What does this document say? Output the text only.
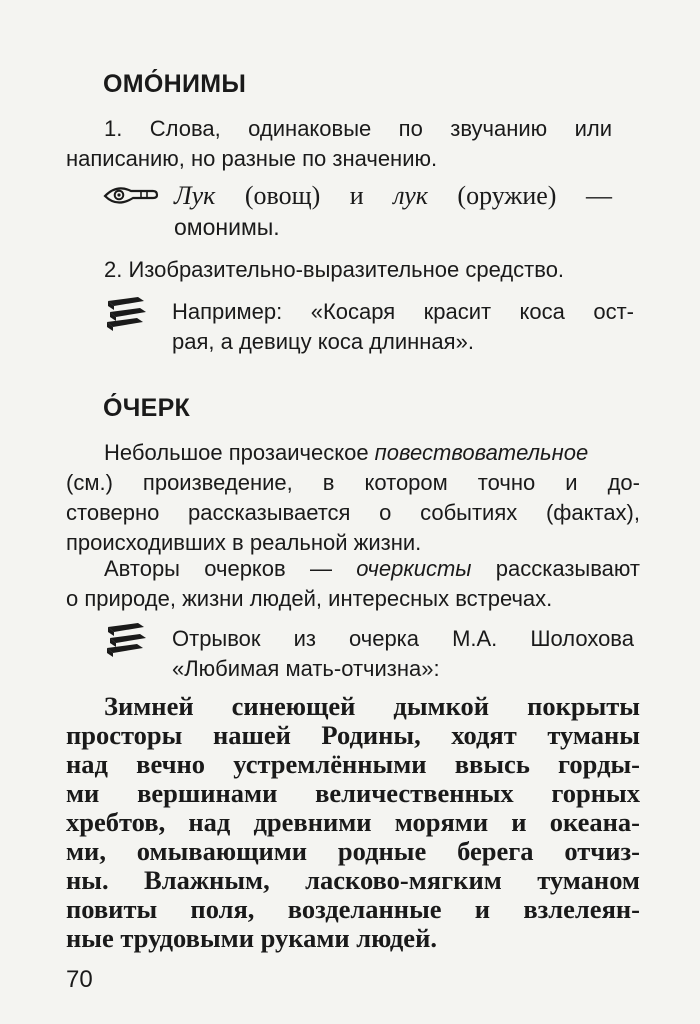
ОМО́НИМЫ
1. Слова, одинаковые по звучанию или
написанию, но разные по значению.
Лук (овощ) и лук (оружие) —
омонимы.
2. Изобразительно-выразительное средство.
Например: «Косаря красит коса ост-
рая, а девицу коса длинная».
О́ЧЕРК
Небольшое прозаическое повествовательное
(см.) произведение, в котором точно и до-
стоверно рассказывается о событиях (фактах),
происходивших в реальной жизни.
Авторы очерков — очеркисты рассказывают
о природе, жизни людей, интересных встречах.
Отрывок из очерка М.А. Шолохова
«Любимая мать-отчизна»:
Зимней синеющей дымкой покрыты
просторы нашей Родины, ходят туманы
над вечно устремлёнными ввысь горды-
ми вершинами величественных горных
хребтов, над древними морями и океана-
ми, омывающими родные берега отчиз-
ны. Влажным, ласково-мягким туманом
повиты поля, возделанные и взлелеян-
ные трудовыми руками людей.
70
